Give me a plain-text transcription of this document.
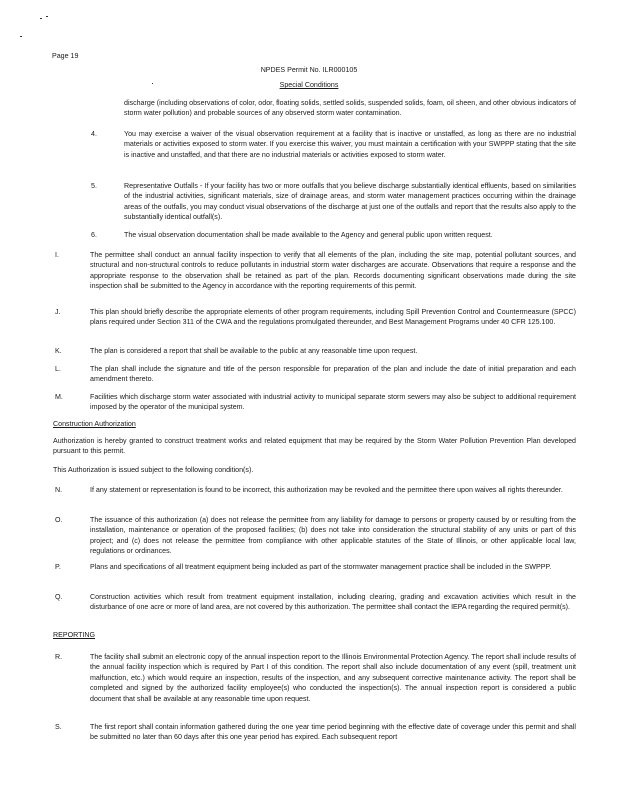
Page 19
NPDES Permit No. ILR000105
Special Conditions
discharge (including observations of color, odor, floating solids, settled solids, suspended solids, foam, oil sheen, and other obvious indicators of storm water pollution) and probable sources of any observed storm water contamination.
4.	You may exercise a waiver of the visual observation requirement at a facility that is inactive or unstaffed, as long as there are no industrial materials or activities exposed to storm water. If you exercise this waiver, you must maintain a certification with your SWPPP stating that the site is inactive and unstaffed, and that there are no industrial materials or activities exposed to storm water.
5.	Representative Outfalls - If your facility has two or more outfalls that you believe discharge substantially identical effluents, based on similarities of the industrial activities, significant materials, size of drainage areas, and storm water management practices occurring within the drainage areas of the outfalls, you may conduct visual observations of the discharge at just one of the outfalls and report that the results also apply to the substantially identical outfall(s).
6.	The visual observation documentation shall be made available to the Agency and general public upon written request.
I.	The permittee shall conduct an annual facility inspection to verify that all elements of the plan, including the site map, potential pollutant sources, and structural and non-structural controls to reduce pollutants in industrial storm water discharges are accurate. Observations that require a response and the appropriate response to the observation shall be retained as part of the plan. Records documenting significant observations made during the site inspection shall be submitted to the Agency in accordance with the reporting requirements of this permit.
J.	This plan should briefly describe the appropriate elements of other program requirements, including Spill Prevention Control and Countermeasure (SPCC) plans required under Section 311 of the CWA and the regulations promulgated thereunder, and Best Management Programs under 40 CFR 125.100.
K.	The plan is considered a report that shall be available to the public at any reasonable time upon request.
L.	The plan shall include the signature and title of the person responsible for preparation of the plan and include the date of initial preparation and each amendment thereto.
M.	Facilities which discharge storm water associated with industrial activity to municipal separate storm sewers may also be subject to additional requirement imposed by the operator of the municipal system.
Construction Authorization
Authorization is hereby granted to construct treatment works and related equipment that may be required by the Storm Water Pollution Prevention Plan developed pursuant to this permit.
This Authorization is issued subject to the following condition(s).
N.	If any statement or representation is found to be incorrect, this authorization may be revoked and the permittee there upon waives all rights thereunder.
O.	The issuance of this authorization (a) does not release the permittee from any liability for damage to persons or property caused by or resulting from the installation, maintenance or operation of the proposed facilities; (b) does not take into consideration the structural stability of any units or part of this project; and (c) does not release the permittee from compliance with other applicable statutes of the State of Illinois, or other applicable local law, regulations or ordinances.
P.	Plans and specifications of all treatment equipment being included as part of the stormwater management practice shall be included in the SWPPP.
Q.	Construction activities which result from treatment equipment installation, including clearing, grading and excavation activities which result in the disturbance of one acre or more of land area, are not covered by this authorization. The permittee shall contact the IEPA regarding the required permit(s).
REPORTING
R.	The facility shall submit an electronic copy of the annual inspection report to the Illinois Environmental Protection Agency. The report shall include results of the annual facility inspection which is required by Part I of this condition. The report shall also include documentation of any event (spill, treatment unit malfunction, etc.) which would require an inspection, results of the inspection, and any subsequent corrective maintenance activity. The report shall be completed and signed by the authorized facility employee(s) who conducted the inspection(s). The annual inspection report is considered a public document that shall be available at any reasonable time upon request.
S.	The first report shall contain information gathered during the one year time period beginning with the effective date of coverage under this permit and shall be submitted no later than 60 days after this one year period has expired. Each subsequent report
